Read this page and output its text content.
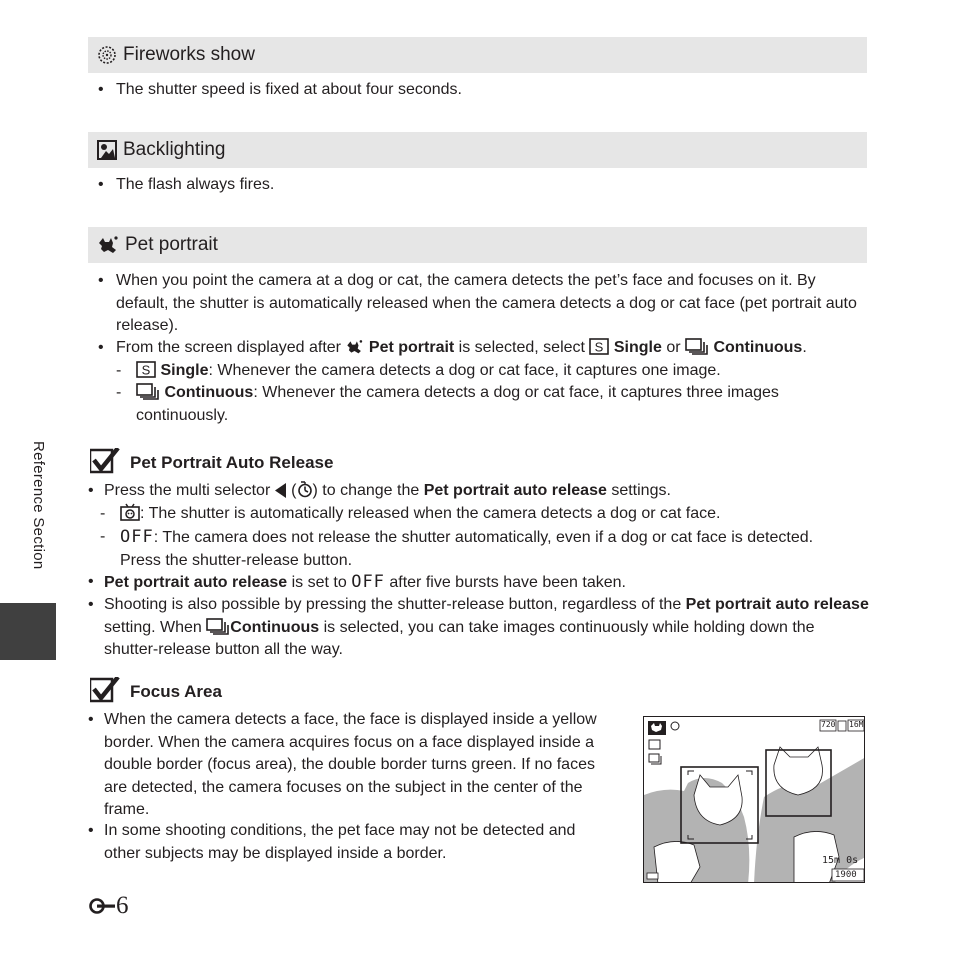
Fireworks show
• The shutter speed is fixed at about four seconds.
Backlighting
• The flash always fires.
Pet portrait
• When you point the camera at a dog or cat, the camera detects the pet’s face and focuses on it. By default, the shutter is automatically released when the camera detects a dog or cat face (pet portrait auto release).
• From the screen displayed after  Pet portrait is selected, select S Single or  Continuous.
- S Single: Whenever the camera detects a dog or cat face, it captures one image.
-	Continuous: Whenever the camera detects a dog or cat face, it captures three images continuously.
Pet Portrait Auto Release
• Press the multi selector  ( ) to change the Pet portrait auto release settings.
- : The shutter is automatically released when the camera detects a dog or cat face.
- OFF: The camera does not release the shutter automatically, even if a dog or cat face is detected. Press the shutter-release button.
• Pet portrait auto release is set to OFF after five bursts have been taken.
• Shooting is also possible by pressing the shutter-release button, regardless of the Pet portrait auto release setting. When Continuous is selected, you can take images continuously while holding down the shutter-release button all the way.
Focus Area
• When the camera detects a face, the face is displayed inside a yellow border. When the camera acquires focus on a face displayed inside a double border (focus area), the double border turns green. If no faces are detected, the camera focuses on the subject in the center of the frame.
• In some shooting conditions, the pet face may not be detected and other subjects may be displayed inside a border.
720 16M
15m 0s
1900
Reference Section
6
